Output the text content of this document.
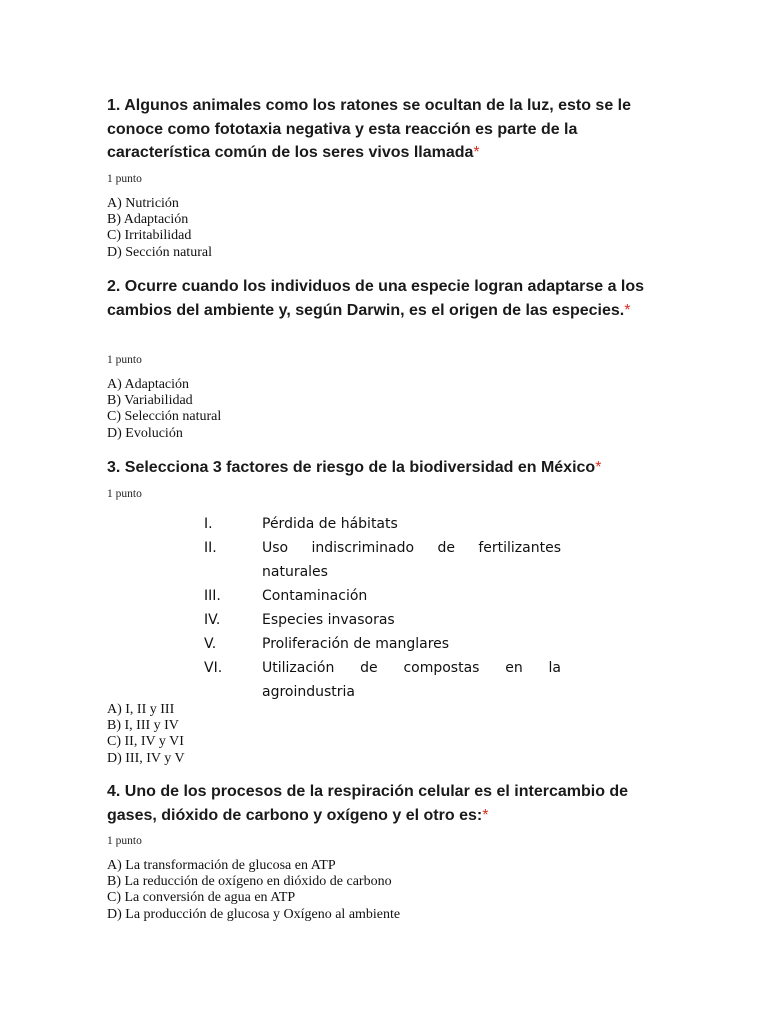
1. Algunos animales como los ratones se ocultan de la luz, esto se le conoce como fototaxia negativa y esta reacción es parte de la característica común de los seres vivos llamada*

1 punto

A) Nutrición
B) Adaptación
C) Irritabilidad
D) Sección natural

2. Ocurre cuando los individuos de una especie logran adaptarse a los cambios del ambiente y, según Darwin, es el origen de las especies.*

1 punto

A) Adaptación
B) Variabilidad
C) Selección natural
D) Evolución

3. Selecciona 3 factores de riesgo de la biodiversidad en México*

1 punto

I.	Pérdida de hábitats
II.	Uso indiscriminado de fertilizantes
naturales
III.	Contaminación
IV.	Especies invasoras
V.	Proliferación de manglares
VI.	Utilización de compostas en la
agroindustria
A) I, II y III
B) I, III y IV
C) II, IV y VI
D) III, IV y V

4. Uno de los procesos de la respiración celular es el intercambio de gases, dióxido de carbono y oxígeno y el otro es:*

1 punto

A) La transformación de glucosa en ATP
B) La reducción de oxígeno en dióxido de carbono
C) La conversión de agua en ATP
D) La producción de glucosa y Oxígeno al ambiente
